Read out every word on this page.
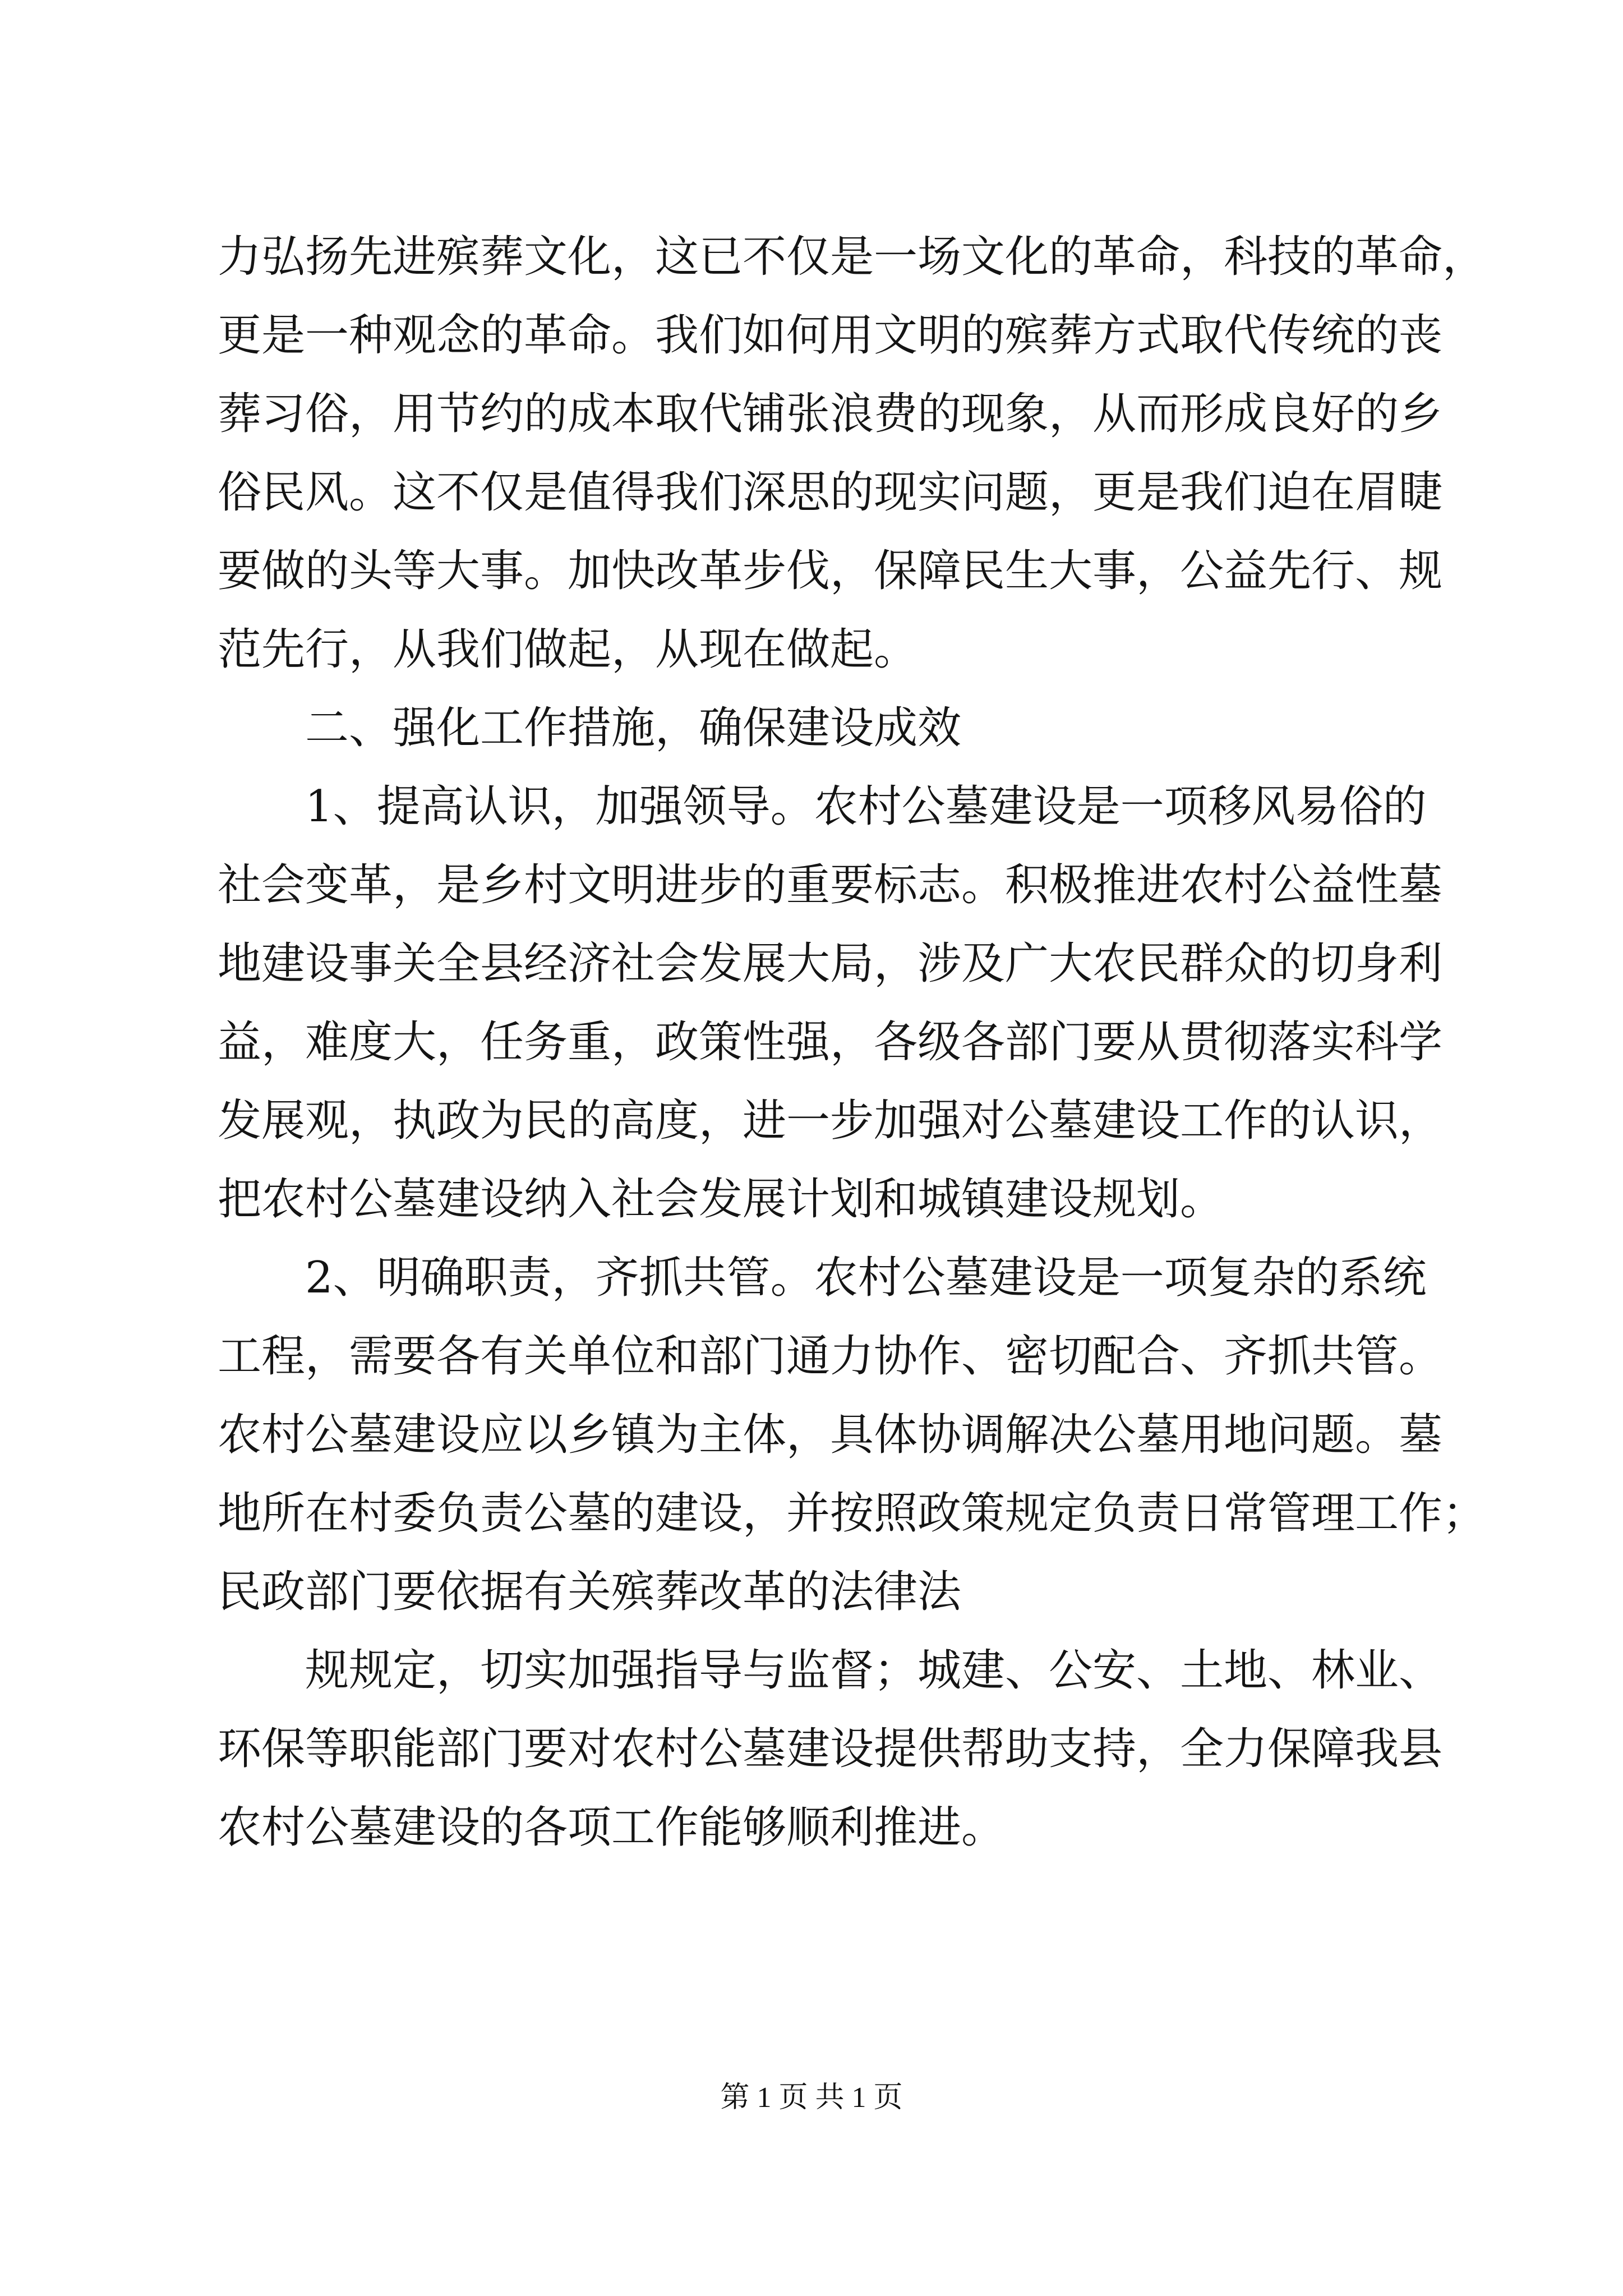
力弘扬先进殡葬文化，这已不仅是一场文化的革命，科技的革命，
更是一种观念的革命。我们如何用文明的殡葬方式取代传统的丧
葬习俗，用节约的成本取代铺张浪费的现象，从而形成良好的乡
俗民风。这不仅是值得我们深思的现实问题，更是我们迫在眉睫
要做的头等大事。加快改革步伐，保障民生大事，公益先行、规
范先行，从我们做起，从现在做起。

二、强化工作措施，确保建设成效

1、提高认识，加强领导。农村公墓建设是一项移风易俗的
社会变革，是乡村文明进步的重要标志。积极推进农村公益性墓
地建设事关全县经济社会发展大局，涉及广大农民群众的切身利
益，难度大，任务重，政策性强，各级各部门要从贯彻落实科学
发展观，执政为民的高度，进一步加强对公墓建设工作的认识，
把农村公墓建设纳入社会发展计划和城镇建设规划。

2、明确职责，齐抓共管。农村公墓建设是一项复杂的系统
工程，需要各有关单位和部门通力协作、密切配合、齐抓共管。
农村公墓建设应以乡镇为主体，具体协调解决公墓用地问题。墓
地所在村委负责公墓的建设，并按照政策规定负责日常管理工作；
民政部门要依据有关殡葬改革的法律法

规规定，切实加强指导与监督；城建、公安、土地、林业、
环保等职能部门要对农村公墓建设提供帮助支持，全力保障我县
农村公墓建设的各项工作能够顺利推进。

第 1 页 共 1 页
